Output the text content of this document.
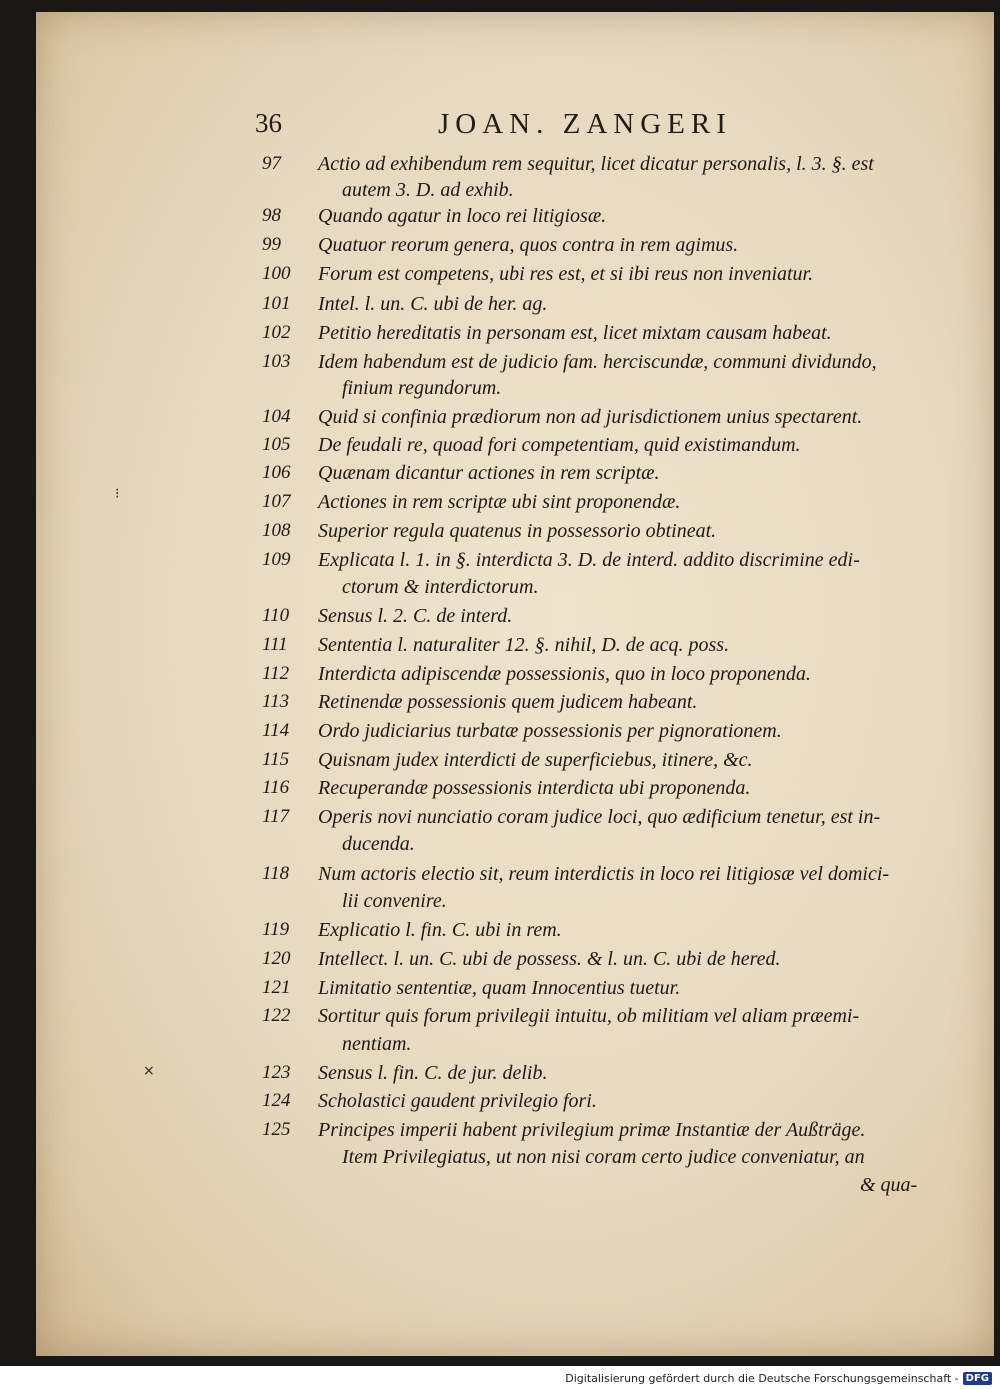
36	JOAN. ZANGERI
97 Actio ad exhibendum rem sequitur, licet dicatur personalis, l. 3. §. est
autem 3. D. ad exhib.
98 Quando agatur in loco rei litigiosæ.
99 Quatuor reorum genera, quos contra in rem agimus.
100 Forum est competens, ubi res est, et si ibi reus non inveniatur.
101 Intel. l. un. C. ubi de her. ag.
102 Petitio hereditatis in personam est, licet mixtam causam habeat.
103 Idem habendum est de judicio fam. herciscundæ, communi dividundo,
finium regundorum.
104 Quid si confinia prædiorum non ad jurisdictionem unius spectarent.
105 De feudali re, quoad fori competentiam, quid existimandum.
106 Quænam dicantur actiones in rem scriptæ.
107 Actiones in rem scriptæ ubi sint proponendæ.
108 Superior regula quatenus in possessorio obtineat.
109 Explicata l. 1. in §. interdicta 3. D. de interd. addito discrimine edi-
ctorum & interdictorum.
110 Sensus l. 2. C. de interd.
111 Sententia l. naturaliter 12. §. nihil, D. de acq. poss.
112 Interdicta adipiscendæ possessionis, quo in loco proponenda.
113 Retinendæ possessionis quem judicem habeant.
114 Ordo judiciarius turbatæ possessionis per pignorationem.
115 Quisnam judex interdicti de superficiebus, itinere, &c.
116 Recuperandæ possessionis interdicta ubi proponenda.
117 Operis novi nunciatio coram judice loci, quo ædificium tenetur, est in-
ducenda.
118 Num actoris electio sit, reum interdictis in loco rei litigiosæ vel domici-
lii convenire.
119 Explicatio l. fin. C. ubi in rem.
120 Intellect. l. un. C. ubi de possess. & l. un. C. ubi de hered.
121 Limitatio sententiæ, quam Innocentius tuetur.
122 Sortitur quis forum privilegii intuitu, ob militiam vel aliam præemi-
nentiam.
123 Sensus l. fin. C. de jur. delib.
124 Scholastici gaudent privilegio fori.
125 Principes imperii habent privilegium primæ Instantiæ der Außträge.
Item Privilegiatus, ut non nisi coram certo judice conveniatur, an
& qua-
⁝
×
Digitalisierung gefördert durch die Deutsche Forschungsgemeinschaft - DFG
